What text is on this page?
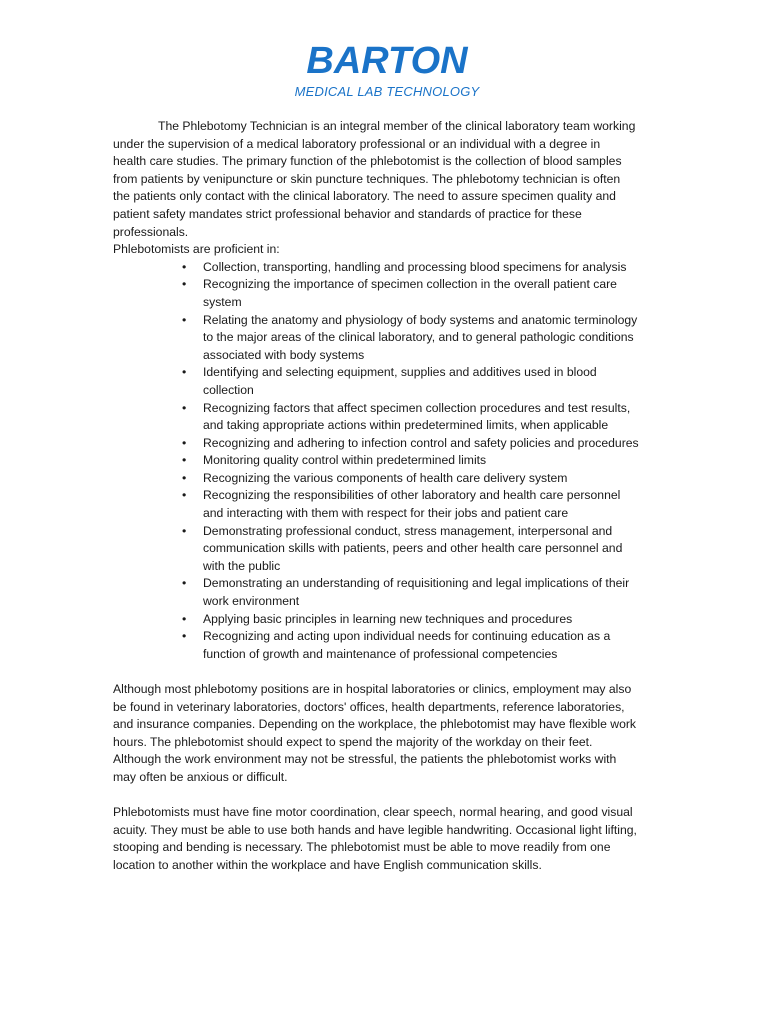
BARTON
MEDICAL LAB TECHNOLOGY
The Phlebotomy Technician is an integral member of the clinical laboratory team working
under the supervision of a medical laboratory professional or an individual with a degree in
health care studies. The primary function of the phlebotomist is the collection of blood samples
from patients by venipuncture or skin puncture techniques. The phlebotomy technician is often
the patients only contact with the clinical laboratory. The need to assure specimen quality and
patient safety mandates strict professional behavior and standards of practice for these
professionals.
Phlebotomists are proficient in:
•	Collection, transporting, handling and processing blood specimens for analysis
•	Recognizing the importance of specimen collection in the overall patient care
system
•	Relating the anatomy and physiology of body systems and anatomic terminology
to the major areas of the clinical laboratory, and to general pathologic conditions
associated with body systems
•	Identifying and selecting equipment, supplies and additives used in blood
collection
•	Recognizing factors that affect specimen collection procedures and test results,
and taking appropriate actions within predetermined limits, when applicable
•	Recognizing and adhering to infection control and safety policies and procedures
•	Monitoring quality control within predetermined limits
•	Recognizing the various components of health care delivery system
•	Recognizing the responsibilities of other laboratory and health care personnel
and interacting with them with respect for their jobs and patient care
•	Demonstrating professional conduct, stress management, interpersonal and
communication skills with patients, peers and other health care personnel and
with the public
•	Demonstrating an understanding of requisitioning and legal implications of their
work environment
•	Applying basic principles in learning new techniques and procedures
•	Recognizing and acting upon individual needs for continuing education as a
function of growth and maintenance of professional competencies
Although most phlebotomy positions are in hospital laboratories or clinics, employment may also
be found in veterinary laboratories, doctors' offices, health departments, reference laboratories,
and insurance companies. Depending on the workplace, the phlebotomist may have flexible work
hours. The phlebotomist should expect to spend the majority of the workday on their feet.
Although the work environment may not be stressful, the patients the phlebotomist works with
may often be anxious or difficult.
Phlebotomists must have fine motor coordination, clear speech, normal hearing, and good visual
acuity. They must be able to use both hands and have legible handwriting. Occasional light lifting,
stooping and bending is necessary. The phlebotomist must be able to move readily from one
location to another within the workplace and have English communication skills.
